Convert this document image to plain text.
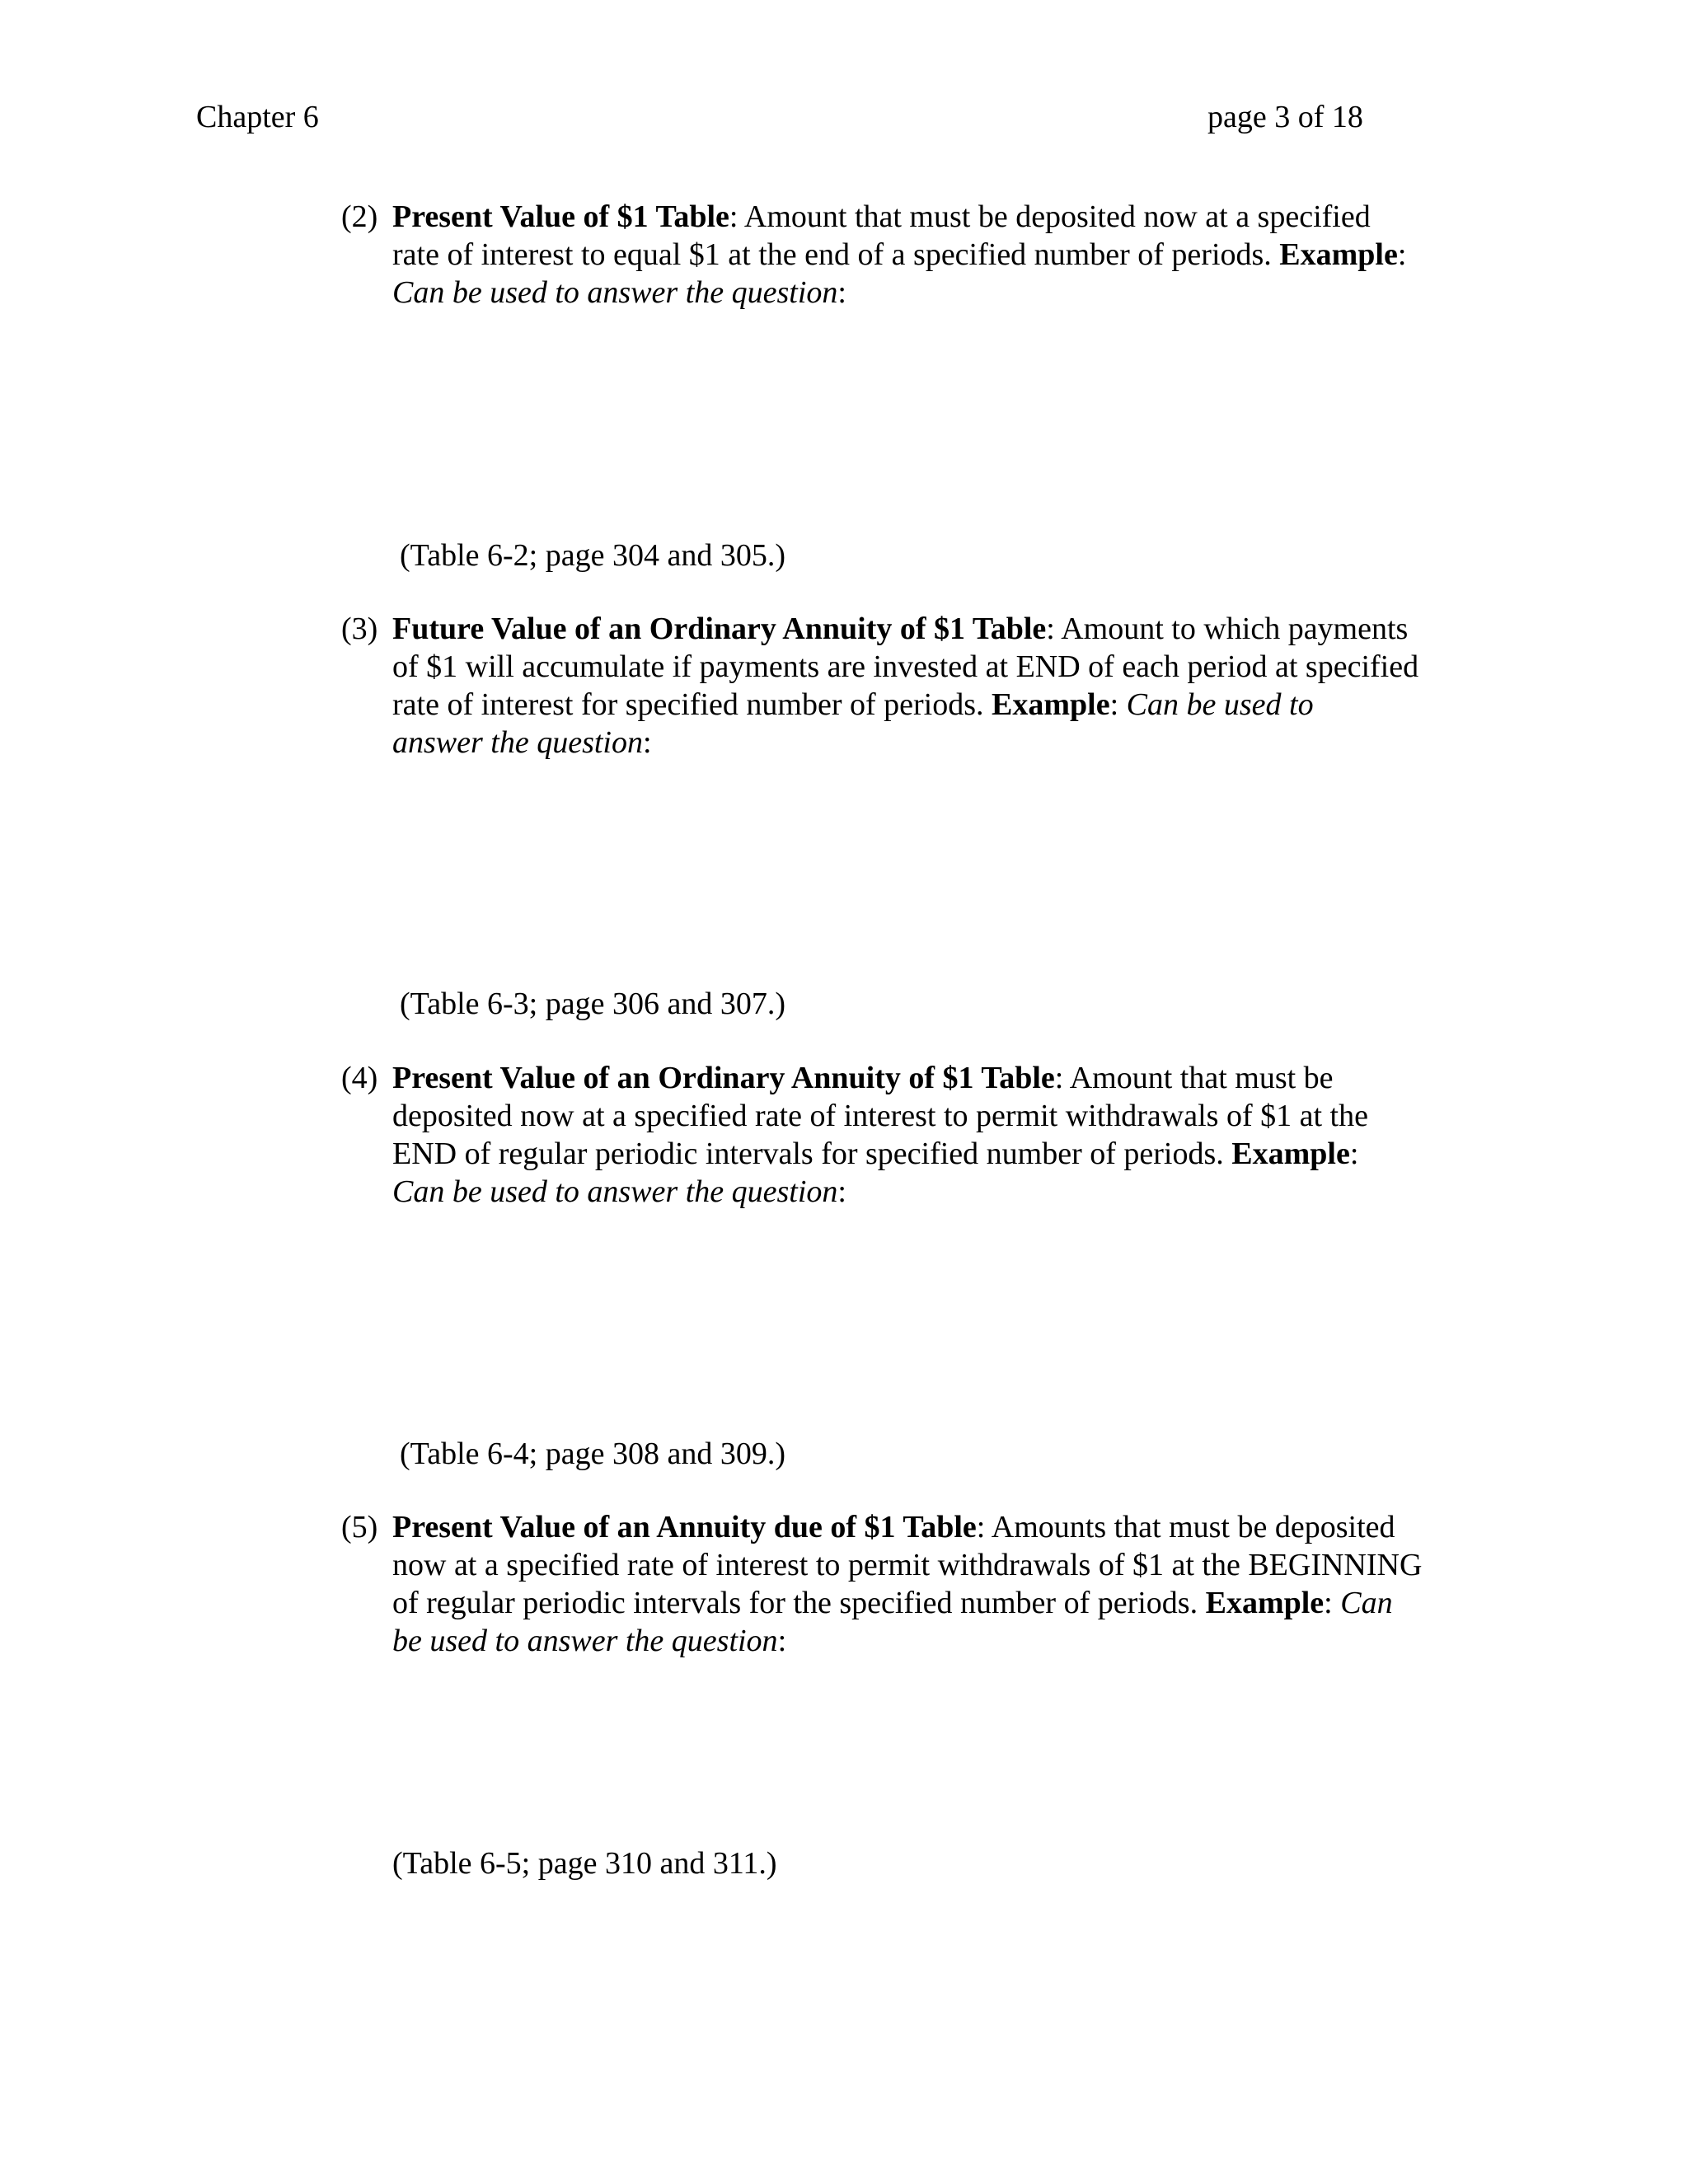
Chapter 6	page 3 of 18
(2) Present Value of $1 Table: Amount that must be deposited now at a specified
rate of interest to equal $1 at the end of a specified number of periods. Example:
Can be used to answer the question:
(Table 6-2; page 304 and 305.)
(3) Future Value of an Ordinary Annuity of $1 Table: Amount to which payments
of $1 will accumulate if payments are invested at END of each period at specified
rate of interest for specified number of periods. Example: Can be used to
answer the question:
(Table 6-3; page 306 and 307.)
(4) Present Value of an Ordinary Annuity of $1 Table: Amount that must be
deposited now at a specified rate of interest to permit withdrawals of $1 at the
END of regular periodic intervals for specified number of periods. Example:
Can be used to answer the question:
(Table 6-4; page 308 and 309.)
(5) Present Value of an Annuity due of $1 Table: Amounts that must be deposited
now at a specified rate of interest to permit withdrawals of $1 at the BEGINNING
of regular periodic intervals for the specified number of periods. Example: Can
be used to answer the question:
(Table 6-5; page 310 and 311.)
